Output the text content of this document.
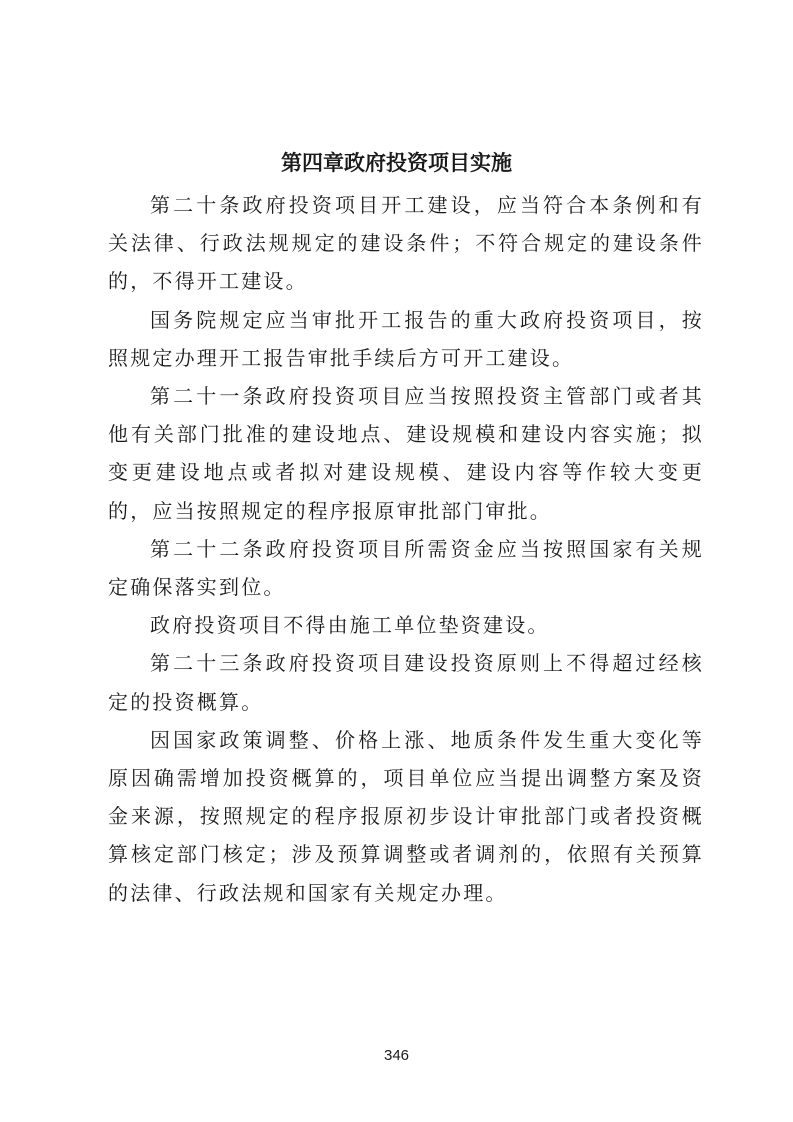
第四章政府投资项目实施

第二十条政府投资项目开工建设，应当符合本条例和有关法律、行政法规规定的建设条件；不符合规定的建设条件的，不得开工建设。

国务院规定应当审批开工报告的重大政府投资项目，按照规定办理开工报告审批手续后方可开工建设。

第二十一条政府投资项目应当按照投资主管部门或者其他有关部门批准的建设地点、建设规模和建设内容实施；拟变更建设地点或者拟对建设规模、建设内容等作较大变更的，应当按照规定的程序报原审批部门审批。

第二十二条政府投资项目所需资金应当按照国家有关规定确保落实到位。

政府投资项目不得由施工单位垫资建设。

第二十三条政府投资项目建设投资原则上不得超过经核定的投资概算。

因国家政策调整、价格上涨、地质条件发生重大变化等原因确需增加投资概算的，项目单位应当提出调整方案及资金来源，按照规定的程序报原初步设计审批部门或者投资概算核定部门核定；涉及预算调整或者调剂的，依照有关预算的法律、行政法规和国家有关规定办理。

346
